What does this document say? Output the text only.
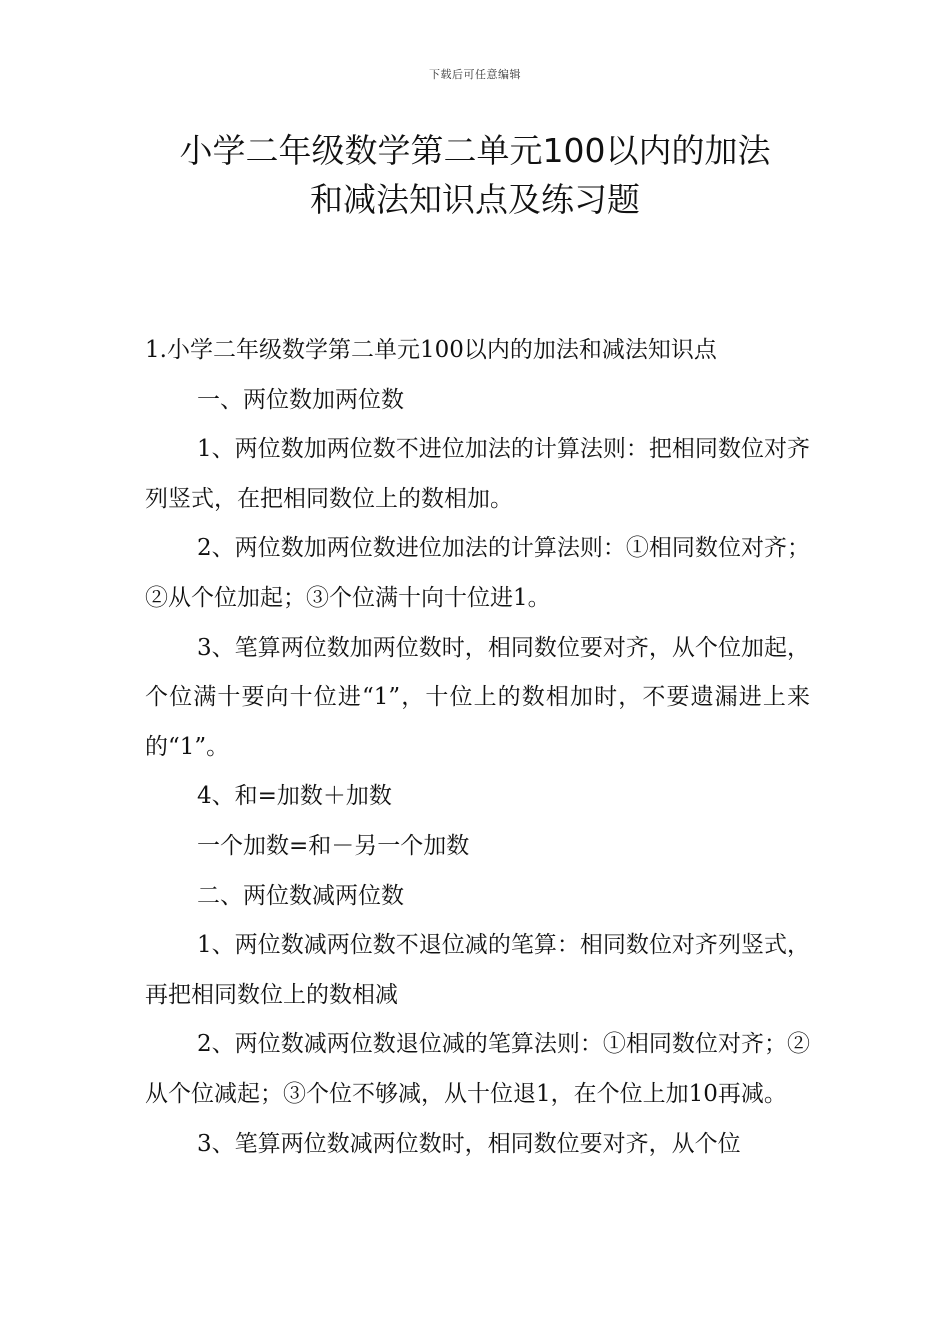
下载后可任意编辑
小学二年级数学第二单元100以内的加法
和减法知识点及练习题

1.小学二年级数学第二单元100以内的加法和减法知识点

一、两位数加两位数

1、两位数加两位数不进位加法的计算法则：把相同数位对齐列竖式，在把相同数位上的数相加。

2、两位数加两位数进位加法的计算法则：①相同数位对齐；②从个位加起；③个位满十向十位进1。

3、笔算两位数加两位数时，相同数位要对齐，从个位加起，个位满十要向十位进“1”，十位上的数相加时，不要遗漏进上来的“1”。

4、和=加数＋加数

一个加数=和－另一个加数

二、两位数减两位数

1、两位数减两位数不退位减的笔算：相同数位对齐列竖式，再把相同数位上的数相减

2、两位数减两位数退位减的笔算法则：①相同数位对齐；②从个位减起；③个位不够减，从十位退1，在个位上加10再减。

3、笔算两位数减两位数时，相同数位要对齐，从个位
